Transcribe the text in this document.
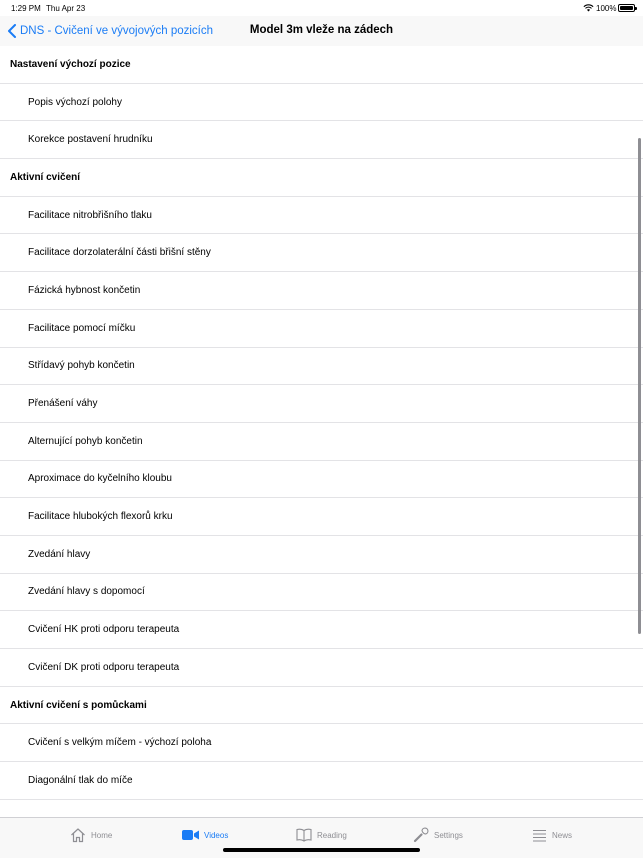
1:29 PM Thu Apr 23	100%
DNS - Cvičení ve vývojových pozicích	Model 3m vleže na zádech
Nastavení výchozí pozice
Popis výchozí polohy
Korekce postavení hrudníku
Aktivní cvičení
Facilitace nitrobřišního tlaku
Facilitace dorzolaterální části břišní stěny
Fázická hybnost končetin
Facilitace pomocí míčku
Střídavý pohyb končetin
Přenášení váhy
Alternující pohyb končetin
Aproximace do kyčelního kloubu
Facilitace hlubokých flexorů krku
Zvedání hlavy
Zvedání hlavy s dopomocí
Cvičení HK proti odporu terapeuta
Cvičení DK proti odporu terapeuta
Aktivní cvičení s pomůckami
Cvičení s velkým míčem - výchozí poloha
Diagonální tlak do míče
Home	Videos	Reading	Settings	News
